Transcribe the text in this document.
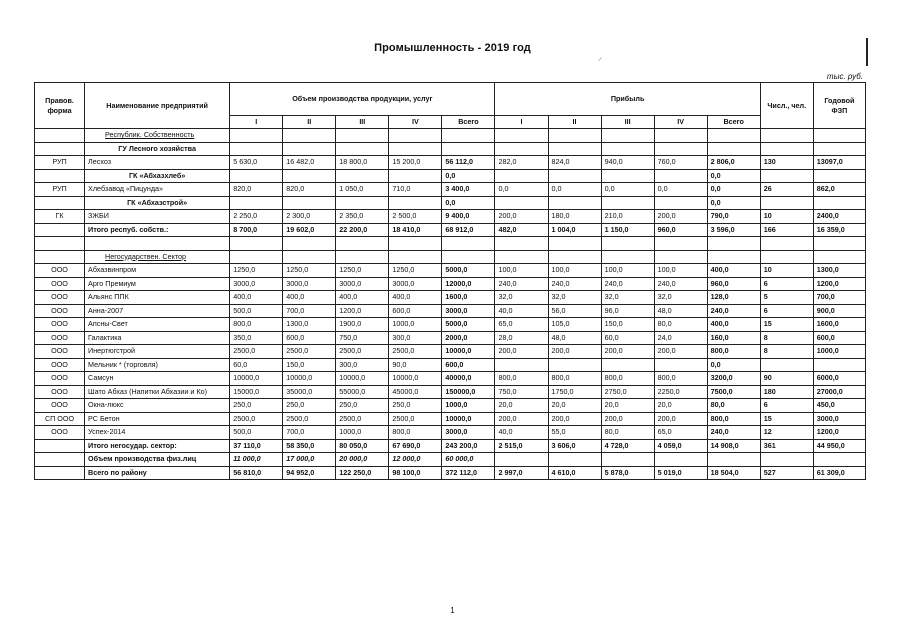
Промышленность - 2019 год
⸝
тыс. руб.
Правов. форма	Наименование предприятий	Объем производства продукции, услуг					Прибыль					Числ., чел.	Годовой ФЗП
		I	II	III	IV	Всего	I	II	III	IV	Всего		
	Республик. Собственность												
	ГУ Лесного хозяйства												
РУП	Лесхоз	5 630,0	16 482,0	18 800,0	15 200,0	56 112,0	282,0	824,0	940,0	760,0	2 806,0	130	13097,0
	ГК «Абхазхлеб»					0,0					0,0		
РУП	Хлебзавод «Пицунда»	820,0	820,0	1 050,0	710,0	3 400,0	0,0	0,0	0,0	0,0	0,0	26	862,0
	ГК «Абхазстрой»					0,0					0,0		
ГК	ЗЖБИ	2 250,0	2 300,0	2 350,0	2 500,0	9 400,0	200,0	180,0	210,0	200,0	790,0	10	2400,0
	Итого респуб. собств.:	8 700,0	19 602,0	22 200,0	18 410,0	68 912,0	482,0	1 004,0	1 150,0	960,0	3 596,0	166	16 359,0

	Негосударствен. Сектор												
ООО	Абхазвинпром	1250,0	1250,0	1250,0	1250,0	5000,0	100,0	100,0	100,0	100,0	400,0	10	1300,0
ООО	Арго Премиум	3000,0	3000,0	3000,0	3000,0	12000,0	240,0	240,0	240,0	240,0	960,0	6	1200,0
ООО	Альянс ППК	400,0	400,0	400,0	400,0	1600,0	32,0	32,0	32,0	32,0	128,0	5	700,0
ООО	Анна-2007	500,0	700,0	1200,0	600,0	3000,0	40,0	56,0	96,0	48,0	240,0	6	900,0
ООО	Апсны-Свет	800,0	1300,0	1900,0	1000,0	5000,0	65,0	105,0	150,0	80,0	400,0	15	1600,0
ООО	Галактика	350,0	600,0	750,0	300,0	2000,0	28,0	48,0	60,0	24,0	160,0	8	600,0
ООО	Инертюгстрой	2500,0	2500,0	2500,0	2500,0	10000,0	200,0	200,0	200,0	200,0	800,0	8	1000,0
ООО	Мельник * (торговля)	60,0	150,0	300,0	90,0	600,0					0,0		
ООО	Самсун	10000,0	10000,0	10000,0	10000,0	40000,0	800,0	800,0	800,0	800,0	3200,0	90	6000,0
ООО	Шато Абхаз (Напитки Абхазии и Ко)	15000,0	35000,0	55000,0	45000,0	150000,0	750,0	1750,0	2750,0	2250,0	7500,0	180	27000,0
ООО	Окна-люкс	250,0	250,0	250,0	250,0	1000,0	20,0	20,0	20,0	20,0	80,0	6	450,0
СП ООО	РС Бетон	2500,0	2500,0	2500,0	2500,0	10000,0	200,0	200,0	200,0	200,0	800,0	15	3000,0
ООО	Успех-2014	500,0	700,0	1000,0	800,0	3000,0	40,0	55,0	80,0	65,0	240,0	12	1200,0
	Итого негосудар. сектор:	37 110,0	58 350,0	80 050,0	67 690,0	243 200,0	2 515,0	3 606,0	4 728,0	4 059,0	14 908,0	361	44 950,0
	Объем производства физ.лиц	11 000,0	17 000,0	20 000,0	12 000,0	60 000,0							
	Всего по району	56 810,0	94 952,0	122 250,0	98 100,0	372 112,0	2 997,0	4 610,0	5 878,0	5 019,0	18 504,0	527	61 309,0
1
